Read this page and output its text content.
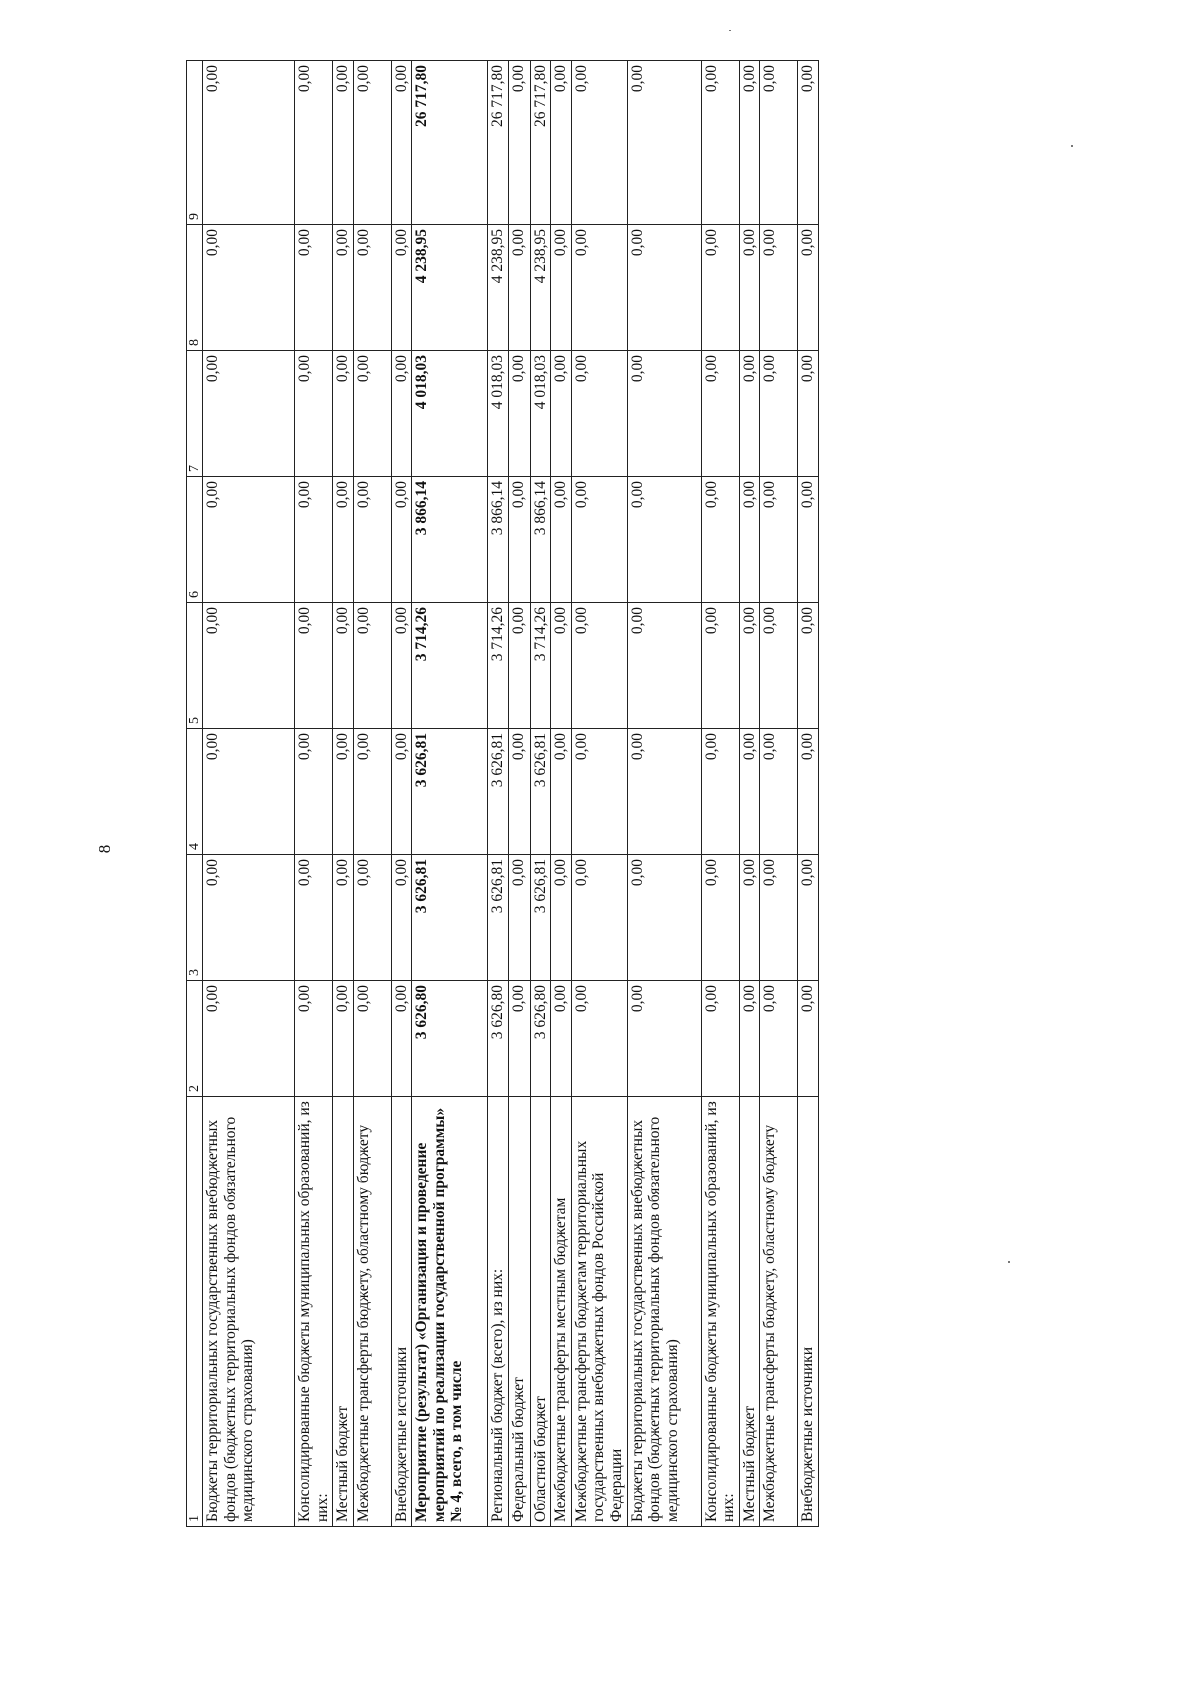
8
1	2	3	4	5	6	7	8	9
Бюджеты территориальных государственных внебюджетных фондов (бюджетных территориальных фондов обязательного медицинского страхования)	0,00	0,00	0,00	0,00	0,00	0,00	0,00	0,00
Консолидированные бюджеты муниципальных образований, из них:	0,00	0,00	0,00	0,00	0,00	0,00	0,00	0,00
Местный бюджет	0,00	0,00	0,00	0,00	0,00	0,00	0,00	0,00
Межбюджетные трансферты бюджету, областному бюджету	0,00	0,00	0,00	0,00	0,00	0,00	0,00	0,00
Внебюджетные источники	0,00	0,00	0,00	0,00	0,00	0,00	0,00	0,00
Мероприятие (результат) «Организация и проведение мероприятий по реализации государственной программы» № 4, всего, в том числе	3 626,80	3 626,81	3 626,81	3 714,26	3 866,14	4 018,03	4 238,95	26 717,80
Региональный бюджет (всего), из них:	3 626,80	3 626,81	3 626,81	3 714,26	3 866,14	4 018,03	4 238,95	26 717,80
Федеральный бюджет	0,00	0,00	0,00	0,00	0,00	0,00	0,00	0,00
Областной бюджет	3 626,80	3 626,81	3 626,81	3 714,26	3 866,14	4 018,03	4 238,95	26 717,80
Межбюджетные трансферты местным бюджетам	0,00	0,00	0,00	0,00	0,00	0,00	0,00	0,00
Межбюджетные трансферты бюджетам территориальных государственных внебюджетных фондов Российской Федерации	0,00	0,00	0,00	0,00	0,00	0,00	0,00	0,00
Бюджеты территориальных государственных внебюджетных фондов (бюджетных территориальных фондов обязательного медицинского страхования)	0,00	0,00	0,00	0,00	0,00	0,00	0,00	0,00
Консолидированные бюджеты муниципальных образований, из них:	0,00	0,00	0,00	0,00	0,00	0,00	0,00	0,00
Местный бюджет	0,00	0,00	0,00	0,00	0,00	0,00	0,00	0,00
Межбюджетные трансферты бюджету, областному бюджету	0,00	0,00	0,00	0,00	0,00	0,00	0,00	0,00
Внебюджетные источники	0,00	0,00	0,00	0,00	0,00	0,00	0,00	0,00
